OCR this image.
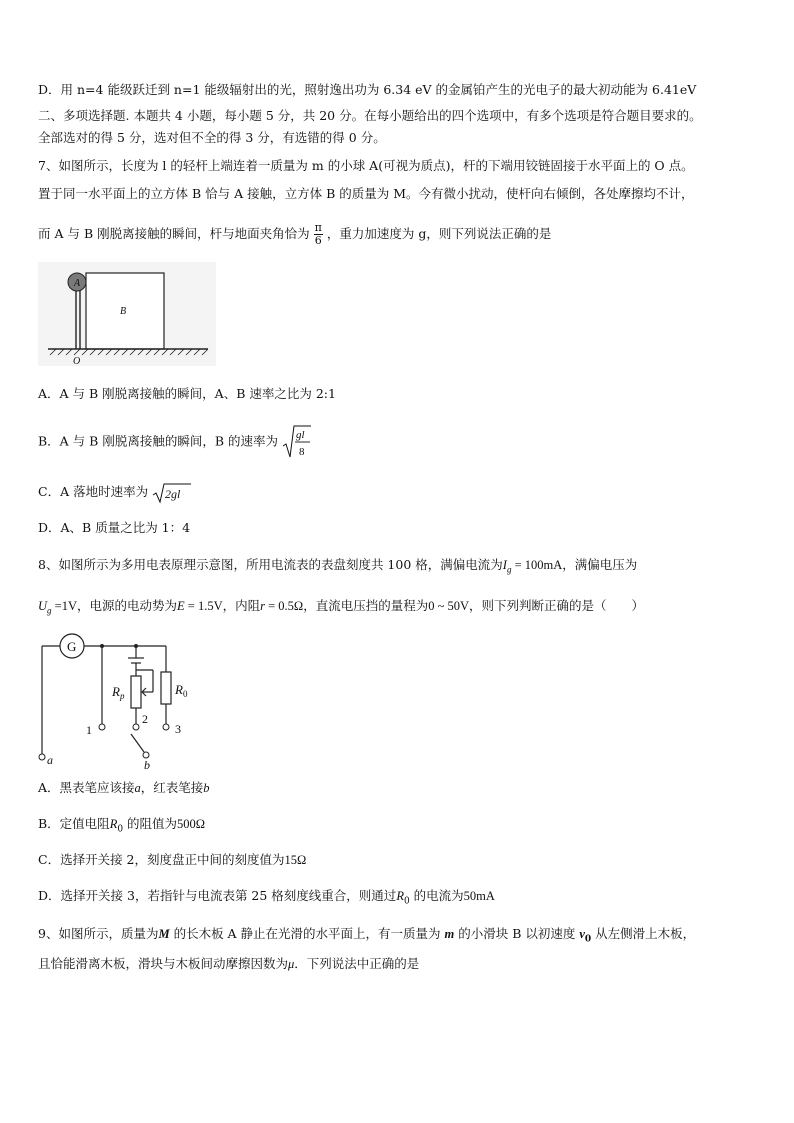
D．用 n=4 能级跃迁到 n=1 能级辐射出的光，照射逸出功为 6.34 eV 的金属铂产生的光电子的最大初动能为 6.41eV
二、多项选择题. 本题共 4 小题，每小题 5 分，共 20 分。在每小题给出的四个选项中，有多个选项是符合题目要求的。
全部选对的得 5 分，选对但不全的得 3 分，有选错的得 0 分。
7、如图所示，长度为 l 的轻杆上端连着一质量为 m 的小球 A(可视为质点)，杆的下端用铰链固接于水平面上的 O 点。
置于同一水平面上的立方体 B 恰与 A 接触，立方体 B 的质量为 M。今有微小扰动，使杆向右倾倒，各处摩擦均不计，
而 A 与 B 刚脱离接触的瞬间，杆与地面夹角恰为 $\frac{\pi}{6}$ ，重力加速度为 g，则下列说法正确的是
A
B
O
A．A 与 B 刚脱离接触的瞬间，A、B 速率之比为 2:1
B．A 与 B 刚脱离接触的瞬间，B 的速率为 gl
8
C．A 落地时速率为 2gl
D．A、B 质量之比为 1：4
8、如图所示为多用电表原理示意图，所用电流表的表盘刻度共 100 格，满偏电流为$I_g = 100mA$，满偏电压为
$U_g =1V$，电源的电动势为E = 1.5V，内阻r = 0.5Ω，直流电压挡的量程为0 ~ 50V，则下列判断正确的是（　　）
G
$R_p$	$R_0$
1
2
3
a	b
A．黑表笔应该接a，红表笔接b
B．定值电阻$R_0$ 的阻值为500Ω
C．选择开关接 2，刻度盘正中间的刻度值为15Ω
D．选择开关接 3，若指针与电流表第 25 格刻度线重合，则通过$R_0$ 的电流为50mA
9、如图所示，质量为M 的长木板 A 静止在光滑的水平面上，有一质量为 m 的小滑块 B 以初速度 $v_0$ 从左侧滑上木板，
且恰能滑离木板，滑块与木板间动摩擦因数为μ．下列说法中正确的是
